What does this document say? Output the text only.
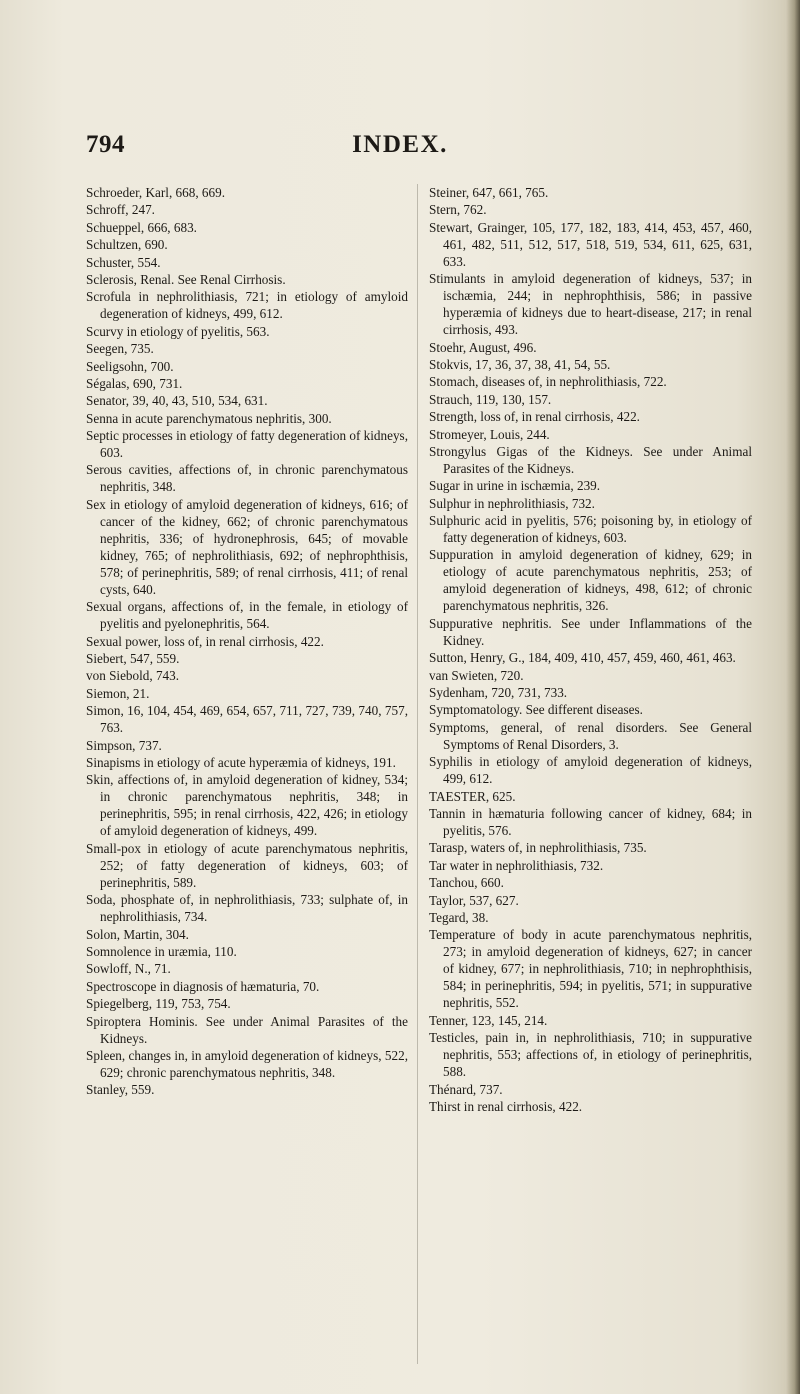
794	INDEX.

Schroeder, Karl, 668, 669.

Schroff, 247.

Schueppel, 666, 683.

Schultzen, 690.

Schuster, 554.

Sclerosis, Renal. See Renal Cirrhosis.

Scrofula in nephrolithiasis, 721; in etiology of amyloid degeneration of kidneys, 499, 612.

Scurvy in etiology of pyelitis, 563.

Seegen, 735.

Seeligsohn, 700.

Ségalas, 690, 731.

Senator, 39, 40, 43, 510, 534, 631.

Senna in acute parenchymatous nephritis, 300.

Septic processes in etiology of fatty degeneration of kidneys, 603.

Serous cavities, affections of, in chronic parenchymatous nephritis, 348.

Sex in etiology of amyloid degeneration of kidneys, 616; of cancer of the kidney, 662; of chronic parenchymatous nephritis, 336; of hydronephrosis, 645; of movable kidney, 765; of nephrolithiasis, 692; of nephrophthisis, 578; of perinephritis, 589; of renal cirrhosis, 411; of renal cysts, 640.

Sexual organs, affections of, in the female, in etiology of pyelitis and pyelonephritis, 564.

Sexual power, loss of, in renal cirrhosis, 422.

Siebert, 547, 559.

von Siebold, 743.

Siemon, 21.

Simon, 16, 104, 454, 469, 654, 657, 711, 727, 739, 740, 757, 763.

Simpson, 737.

Sinapisms in etiology of acute hyperæmia of kidneys, 191.

Skin, affections of, in amyloid degeneration of kidney, 534; in chronic parenchymatous nephritis, 348; in perinephritis, 595; in renal cirrhosis, 422, 426; in etiology of amyloid degeneration of kidneys, 499.

Small-pox in etiology of acute parenchymatous nephritis, 252; of fatty degeneration of kidneys, 603; of perinephritis, 589.

Soda, phosphate of, in nephrolithiasis, 733; sulphate of, in nephrolithiasis, 734.

Solon, Martin, 304.

Somnolence in uræmia, 110.

Sowloff, N., 71.

Spectroscope in diagnosis of hæmaturia, 70.

Spiegelberg, 119, 753, 754.

Spiroptera Hominis. See under Animal Parasites of the Kidneys.

Spleen, changes in, in amyloid degeneration of kidneys, 522, 629; chronic parenchymatous nephritis, 348.

Stanley, 559.

Steiner, 647, 661, 765.

Stern, 762.

Stewart, Grainger, 105, 177, 182, 183, 414, 453, 457, 460, 461, 482, 511, 512, 517, 518, 519, 534, 611, 625, 631, 633.

Stimulants in amyloid degeneration of kidneys, 537; in ischæmia, 244; in nephrophthisis, 586; in passive hyperæmia of kidneys due to heart-disease, 217; in renal cirrhosis, 493.

Stoehr, August, 496.

Stokvis, 17, 36, 37, 38, 41, 54, 55.

Stomach, diseases of, in nephrolithiasis, 722.

Strauch, 119, 130, 157.

Strength, loss of, in renal cirrhosis, 422.

Stromeyer, Louis, 244.

Strongylus Gigas of the Kidneys. See under Animal Parasites of the Kidneys.

Sugar in urine in ischæmia, 239.

Sulphur in nephrolithiasis, 732.

Sulphuric acid in pyelitis, 576; poisoning by, in etiology of fatty degeneration of kidneys, 603.

Suppuration in amyloid degeneration of kidney, 629; in etiology of acute parenchymatous nephritis, 253; of amyloid degeneration of kidneys, 498, 612; of chronic parenchymatous nephritis, 326.

Suppurative nephritis. See under Inflammations of the Kidney.

Sutton, Henry, G., 184, 409, 410, 457, 459, 460, 461, 463.

van Swieten, 720.

Sydenham, 720, 731, 733.

Symptomatology. See different diseases.

Symptoms, general, of renal disorders. See General Symptoms of Renal Disorders, 3.

Syphilis in etiology of amyloid degeneration of kidneys, 499, 612.

TAESTER, 625.

Tannin in hæmaturia following cancer of kidney, 684; in pyelitis, 576.

Tarasp, waters of, in nephrolithiasis, 735.

Tar water in nephrolithiasis, 732.

Tanchou, 660.

Taylor, 537, 627.

Tegard, 38.

Temperature of body in acute parenchymatous nephritis, 273; in amyloid degeneration of kidneys, 627; in cancer of kidney, 677; in nephrolithiasis, 710; in nephrophthisis, 584; in perinephritis, 594; in pyelitis, 571; in suppurative nephritis, 552.

Tenner, 123, 145, 214.

Testicles, pain in, in nephrolithiasis, 710; in suppurative nephritis, 553; affections of, in etiology of perinephritis, 588.

Thénard, 737.

Thirst in renal cirrhosis, 422.
